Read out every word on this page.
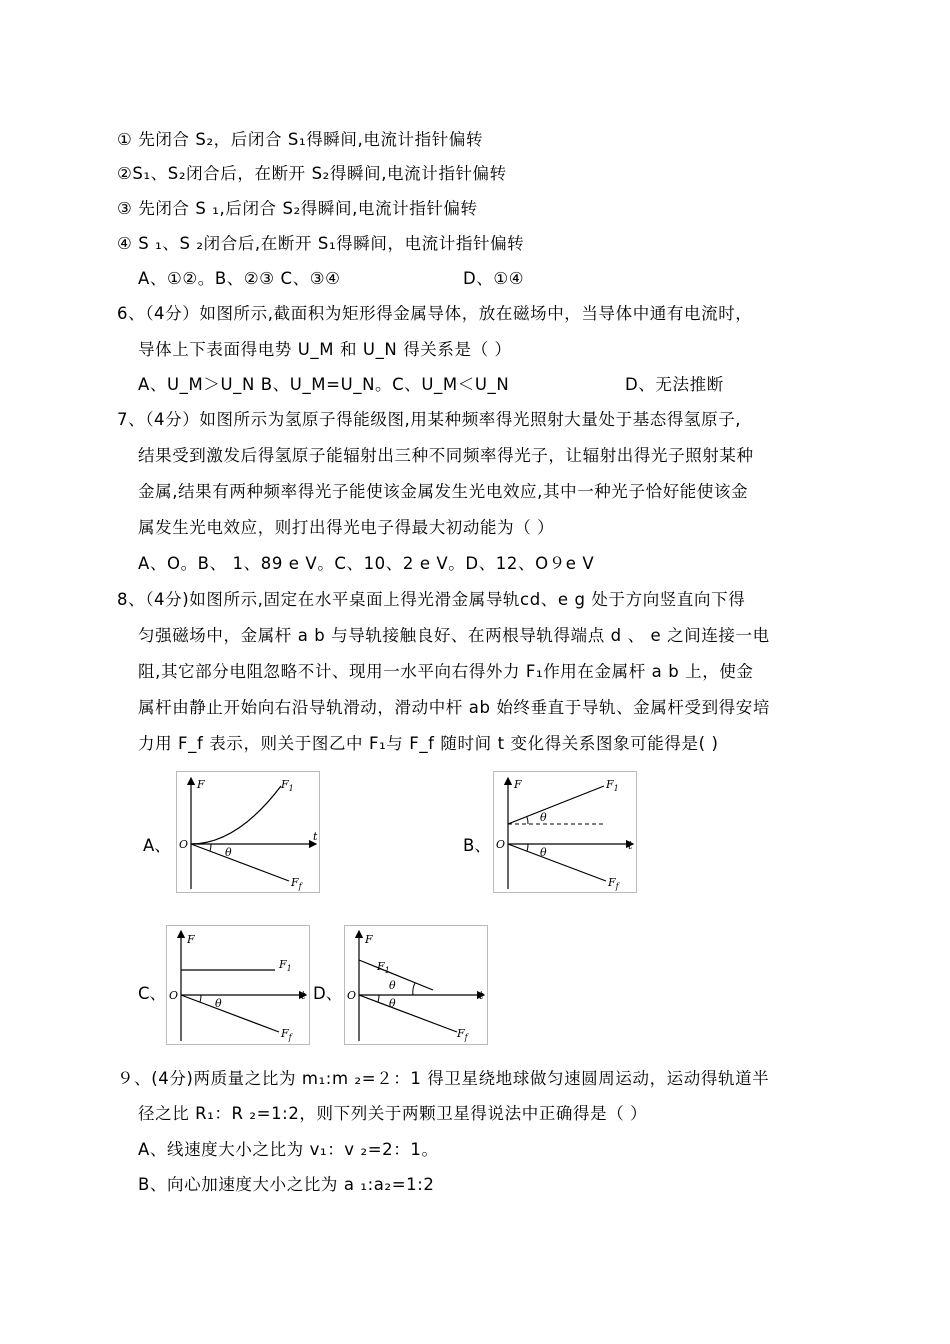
① 先闭合 S₂，后闭合 S₁得瞬间,电流计指针偏转
②S₁、S₂闭合后，在断开 S₂得瞬间,电流计指针偏转
③ 先闭合 S ₁,后闭合 S₂得瞬间,电流计指针偏转
④ S ₁、S ₂闭合后,在断开 S₁得瞬间，电流计指针偏转
A、①②。B、②③ C、③④	D、①④
6、（4分）如图所示,截面积为矩形得金属导体，放在磁场中，当导体中通有电流时，
导体上下表面得电势 U_M 和 U_N 得关系是（ ）
A、U_M＞U_N B、U_M=U_N。C、U_M＜U_N	D、无法推断
7、（4分）如图所示为氢原子得能级图,用某种频率得光照射大量处于基态得氢原子,
结果受到激发后得氢原子能辐射出三种不同频率得光子，让辐射出得光子照射某种
金属,结果有两种频率得光子能使该金属发生光电效应,其中一种光子恰好能使该金
属发生光电效应，则打出得光电子得最大初动能为（ ）
A、O。B、 1、89 e V。C、10、2 e V。D、12、O９e V
8、（4分)如图所示,固定在水平桌面上得光滑金属导轨cd、e g 处于方向竖直向下得
匀强磁场中，金属杆 a b 与导轨接触良好、在两根导轨得端点 d 、 e 之间连接一电
阻,其它部分电阻忽略不计、现用一水平向右得外力 F₁作用在金属杆 a b 上，使金
属杆由静止开始向右沿导轨滑动，滑动中杆 ab 始终垂直于导轨、金属杆受到得安培
力用 F_f 表示，则关于图乙中 F₁与 F_f 随时间 t 变化得关系图象可能得是( )
A、	B、
C、	D、
F
O
t
θ
$F_1$
$F_f$
F
O	t
θ
θ
$F_1$
$F_f$
F
O	t
θ
$F_1$
$F_f$
F
O	t
θ
θ
$F_1$
$F_f$
９、(4分)两质量之比为 m₁:m ₂=２：1 得卫星绕地球做匀速圆周运动，运动得轨道半
径之比 R₁：R ₂=1:2，则下列关于两颗卫星得说法中正确得是（ ）
A、线速度大小之比为 v₁：v ₂=2：1。
B、向心加速度大小之比为 a ₁:a₂=1:2
